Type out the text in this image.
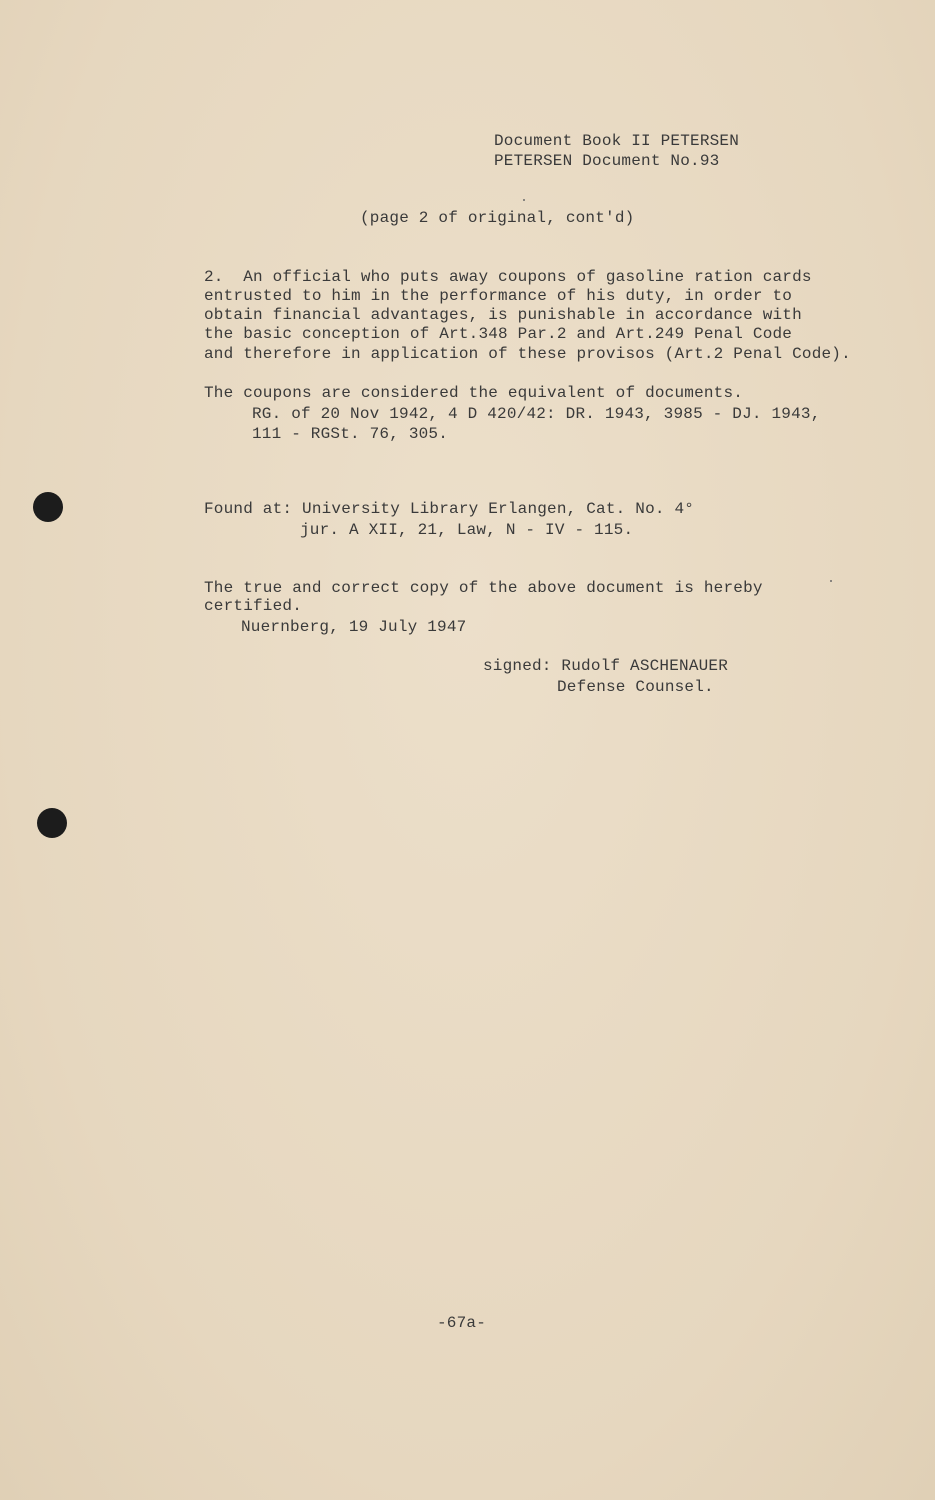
Document Book II PETERSEN
PETERSEN Document No.93
(page 2 of original, cont'd)
2.  An official who puts away coupons of gasoline ration cards
entrusted to him in the performance of his duty, in order to
obtain financial advantages, is punishable in accordance with
the basic conception of Art.348 Par.2 and Art.249 Penal Code
and therefore in application of these provisos (Art.2 Penal Code).
The coupons are considered the equivalent of documents.
RG. of 20 Nov 1942, 4 D 420/42: DR. 1943, 3985 - DJ. 1943,
111 - RGSt. 76, 305.
Found at: University Library Erlangen, Cat. No. 4°
jur. A XII, 21, Law, N - IV - 115.
The true and correct copy of the above document is hereby
certified.
Nuernberg, 19 July 1947
signed: Rudolf ASCHENAUER
Defense Counsel.
-67a-
